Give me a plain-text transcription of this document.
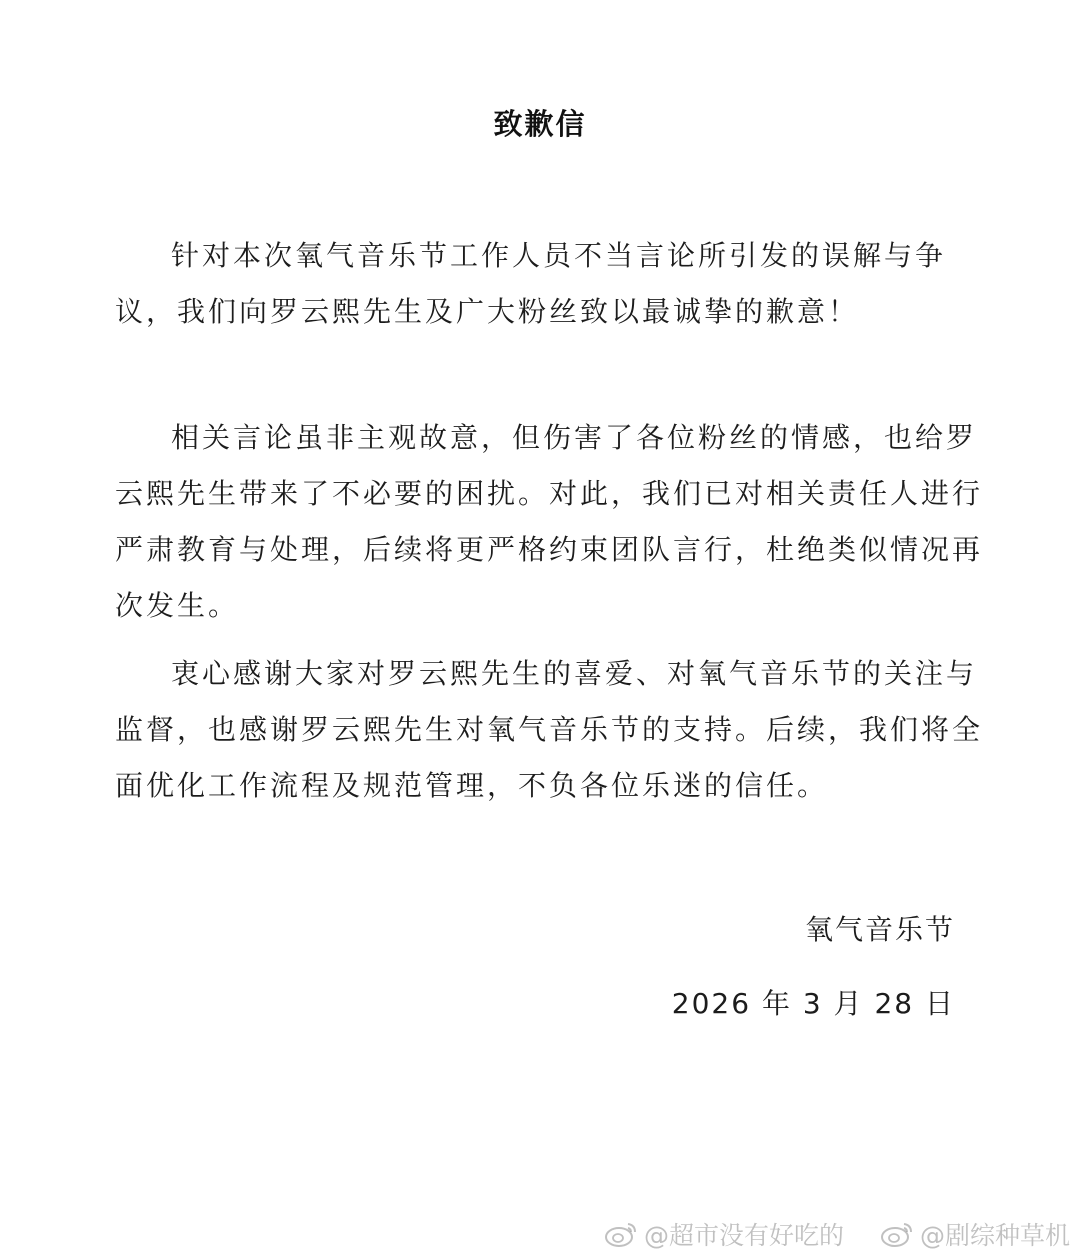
致歉信

针对本次氧气音乐节工作人员不当言论所引发的误解与争议，我们向罗云熙先生及广大粉丝致以最诚挚的歉意！

相关言论虽非主观故意，但伤害了各位粉丝的情感，也给罗云熙先生带来了不必要的困扰。对此，我们已对相关责任人进行严肃教育与处理，后续将更严格约束团队言行，杜绝类似情况再次发生。

衷心感谢大家对罗云熙先生的喜爱、对氧气音乐节的关注与监督，也感谢罗云熙先生对氧气音乐节的支持。后续，我们将全面优化工作流程及规范管理，不负各位乐迷的信任。

氧气音乐节
2026 年 3 月 28 日
@超市没有好吃的	@剧综种草机
